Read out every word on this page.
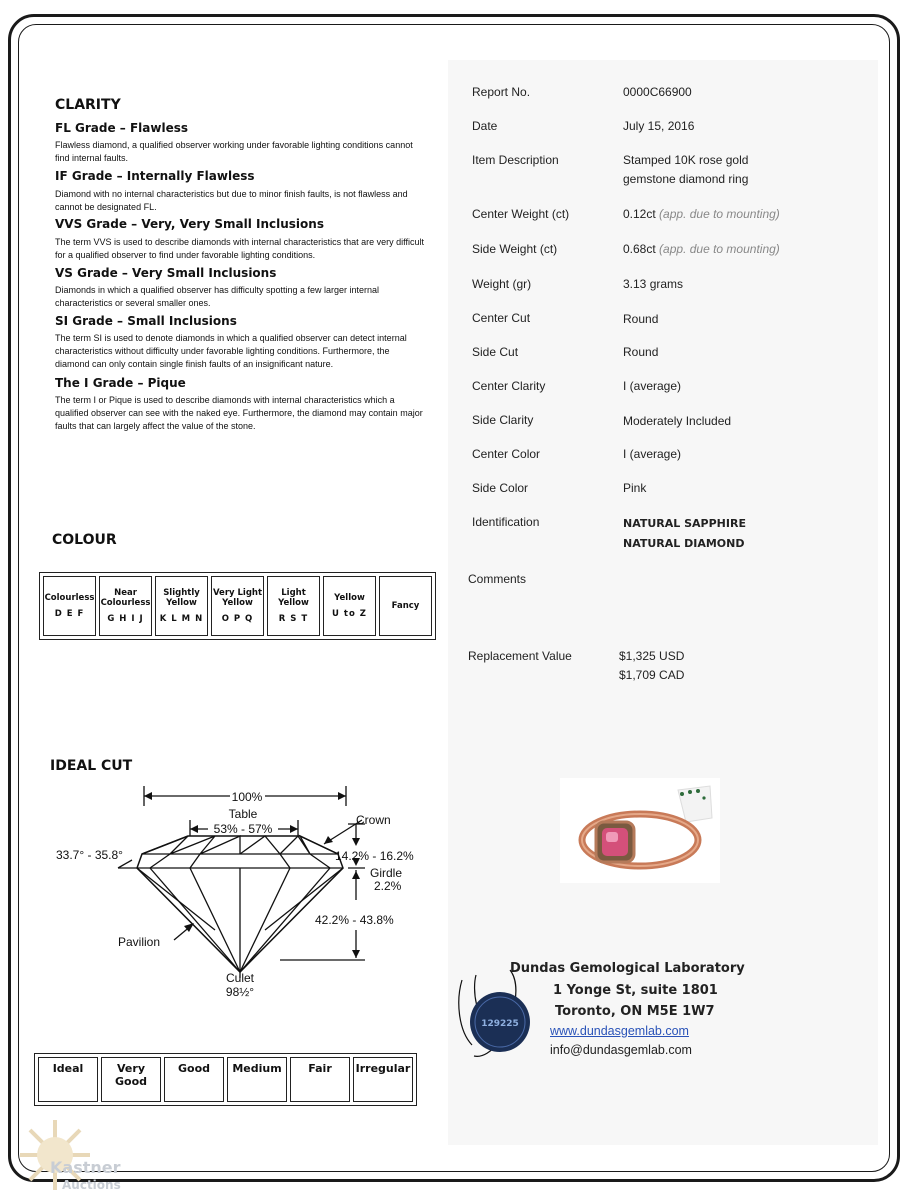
CLARITY
FL Grade – Flawless
Flawless diamond, a qualified observer working under favorable lighting conditions cannot find internal faults.
IF Grade – Internally Flawless
Diamond with no internal characteristics but due to minor finish faults, is not flawless and cannot be designated FL.
VVS Grade – Very, Very Small Inclusions
The term VVS is used to describe diamonds with internal characteristics that are very difficult for a qualified observer to find under favorable lighting conditions.
VS Grade – Very Small Inclusions
Diamonds in which a qualified observer has difficulty spotting a few larger internal characteristics or several smaller ones.
SI Grade – Small Inclusions
The term SI is used to denote diamonds in which a qualified observer can detect internal characteristics without difficulty under favorable lighting conditions. Furthermore, the diamond can only contain single finish faults of an insignificant nature.
The I Grade – Pique
The term I or Pique is used to describe diamonds with internal characteristics which a qualified observer can see with the naked eye. Furthermore, the diamond may contain major faults that can largely affect the value of the stone.
COLOUR
Colourless
D E F
	Near Colourless
G H I J
	Slightly Yellow
K L M N
	Very Light Yellow
O P Q
	Light Yellow
R S T
	Yellow
U to Z
	Fancy
IDEAL CUT
100%
Table
53% - 57%
Crown
33.7° - 35.8°	14.2% - 16.2%
Girdle
2.2%
42.2% - 43.8%
Pavilion
Culet
98½°
Ideal	Very Good	Good	Medium	Fair	Irregular
Report No.	0000C66900
Date	July 15, 2016
Item Description	Stamped 10K rose gold
gemstone diamond ring
Center Weight (ct)	0.12ct (app. due to mounting)
Side Weight (ct)	0.68ct (app. due to mounting)
Weight (gr)	3.13 grams
Center Cut	Round
Side Cut	Round
Center Clarity	I (average)
Side Clarity	Moderately Included
Center Color	I (average)
Side Color	Pink
Identification	NATURAL SAPPHIRE
NATURAL DIAMOND
Comments
Replacement Value	$1,325 USD
$1,709 CAD
129225
Dundas Gemological Laboratory
1 Yonge St, suite 1801
Toronto, ON M5E 1W7
www.dundasgemlab.com
info@dundasgemlab.com
Kastner
Auctions
